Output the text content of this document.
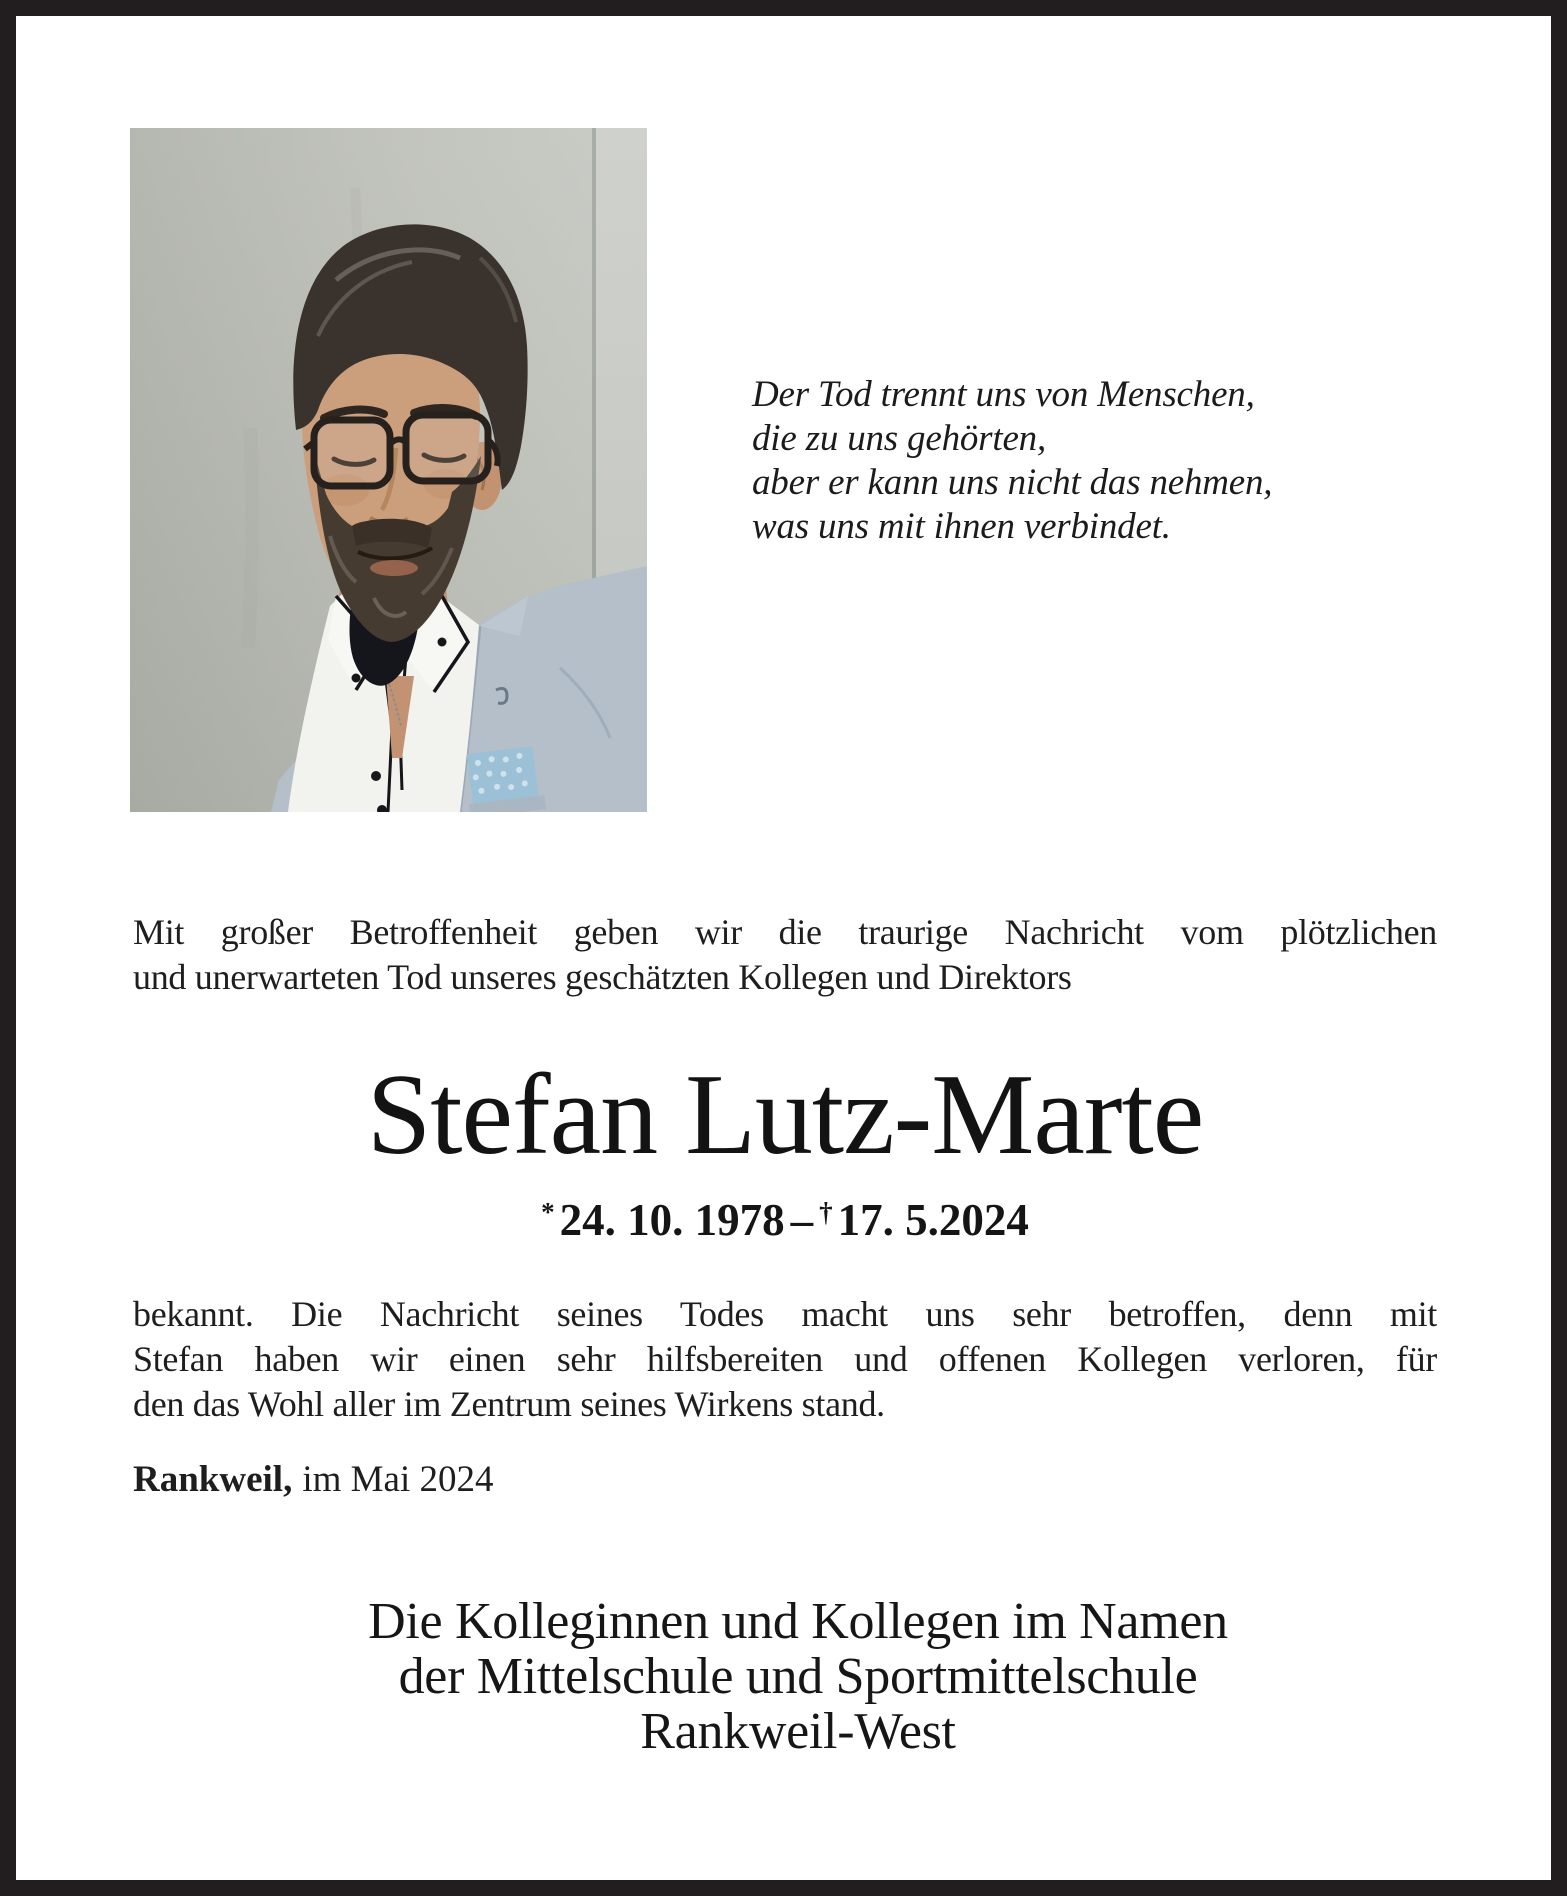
Der Tod trennt uns von Menschen,
die zu uns gehörten,
aber er kann uns nicht das nehmen,
was uns mit ihnen verbindet.
Mit großer Betroffenheit geben wir die traurige Nachricht vom plötzlichen
und unerwarteten Tod unseres geschätzten Kollegen und Direktors
Stefan Lutz-Marte
* 24. 10. 1978 – † 17. 5.2024
bekannt. Die Nachricht seines Todes macht uns sehr betroffen, denn mit
Stefan haben wir einen sehr hilfsbereiten und offenen Kollegen verloren, für
den das Wohl aller im Zentrum seines Wirkens stand.
Rankweil, im Mai 2024
Die Kolleginnen und Kollegen im Namen
der Mittelschule und Sportmittelschule
Rankweil-West
